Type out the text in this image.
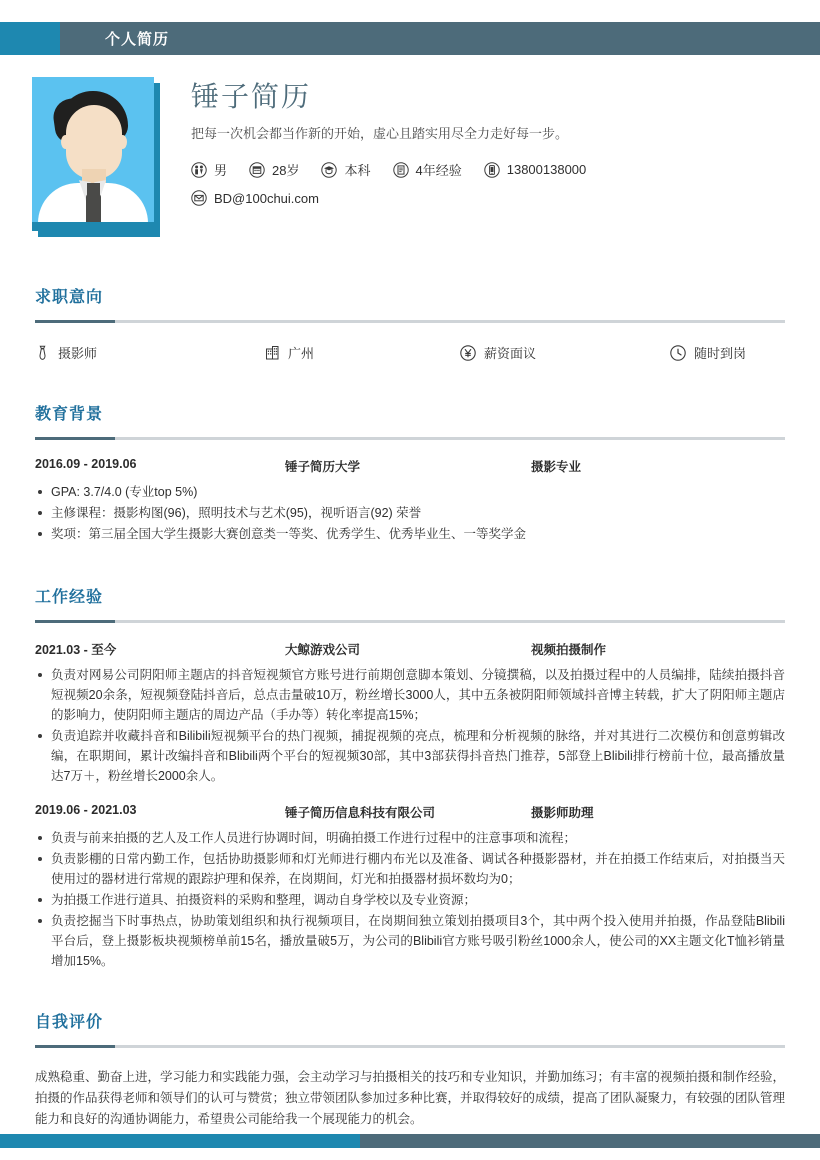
个人简历
锤子简历
把每一次机会都当作新的开始，虚心且踏实用尽全力走好每一步。
男	28岁	本科	4年经验	13800138000
BD@100chui.com
求职意向
摄影师	广州	薪资面议	随时到岗
教育背景
2016.09 - 2019.06	锤子简历大学	摄影专业
GPA: 3.7/4.0 (专业top 5%)
主修课程：摄影构图(96)，照明技术与艺术(95)，视听语言(92) 荣誉
奖项：第三届全国大学生摄影大赛创意类一等奖、优秀学生、优秀毕业生、一等奖学金
工作经验
2021.03 - 至今	大鲸游戏公司	视频拍摄制作
负责对网易公司阴阳师主题店的抖音短视频官方账号进行前期创意脚本策划、分镜撰稿，以及拍摄过程中的人员编排，陆续拍摄抖音短视频20余条，短视频登陆抖音后，总点击量破10万，粉丝增长3000人，其中五条被阴阳师领域抖音博主转载，扩大了阴阳师主题店的影响力，使阴阳师主题店的周边产品（手办等）转化率提高15%；
负责追踪并收藏抖音和Bilibili短视频平台的热门视频，捕捉视频的亮点，梳理和分析视频的脉络，并对其进行二次模仿和创意剪辑改编，在职期间，累计改编抖音和Blibili两个平台的短视频30部，其中3部获得抖音热门推荐，5部登上Blibili排行榜前十位，最高播放量达7万＋，粉丝增长2000余人。
2019.06 - 2021.03	锤子简历信息科技有限公司	摄影师助理
负责与前来拍摄的艺人及工作人员进行协调时间，明确拍摄工作进行过程中的注意事项和流程；
负责影棚的日常内勤工作，包括协助摄影师和灯光师进行棚内布光以及准备、调试各种摄影器材，并在拍摄工作结束后，对拍摄当天使用过的器材进行常规的跟踪护理和保养，在岗期间，灯光和拍摄器材损坏数均为0；
为拍摄工作进行道具、拍摄资料的采购和整理，调动自身学校以及专业资源；
负责挖掘当下时事热点，协助策划组织和执行视频项目，在岗期间独立策划拍摄项目3个，其中两个投入使用并拍摄，作品登陆Blibili平台后，登上摄影板块视频榜单前15名，播放量破5万，为公司的Blibili官方账号吸引粉丝1000余人，使公司的XX主题文化T恤衫销量增加15%。
自我评价
成熟稳重、勤奋上进，学习能力和实践能力强，会主动学习与拍摄相关的技巧和专业知识，并勤加练习；有丰富的视频拍摄和制作经验，拍摄的作品获得老师和领导们的认可与赞赏；独立带领团队参加过多种比赛，并取得较好的成绩，提高了团队凝聚力，有较强的团队管理能力和良好的沟通协调能力，希望贵公司能给我一个展现能力的机会。
